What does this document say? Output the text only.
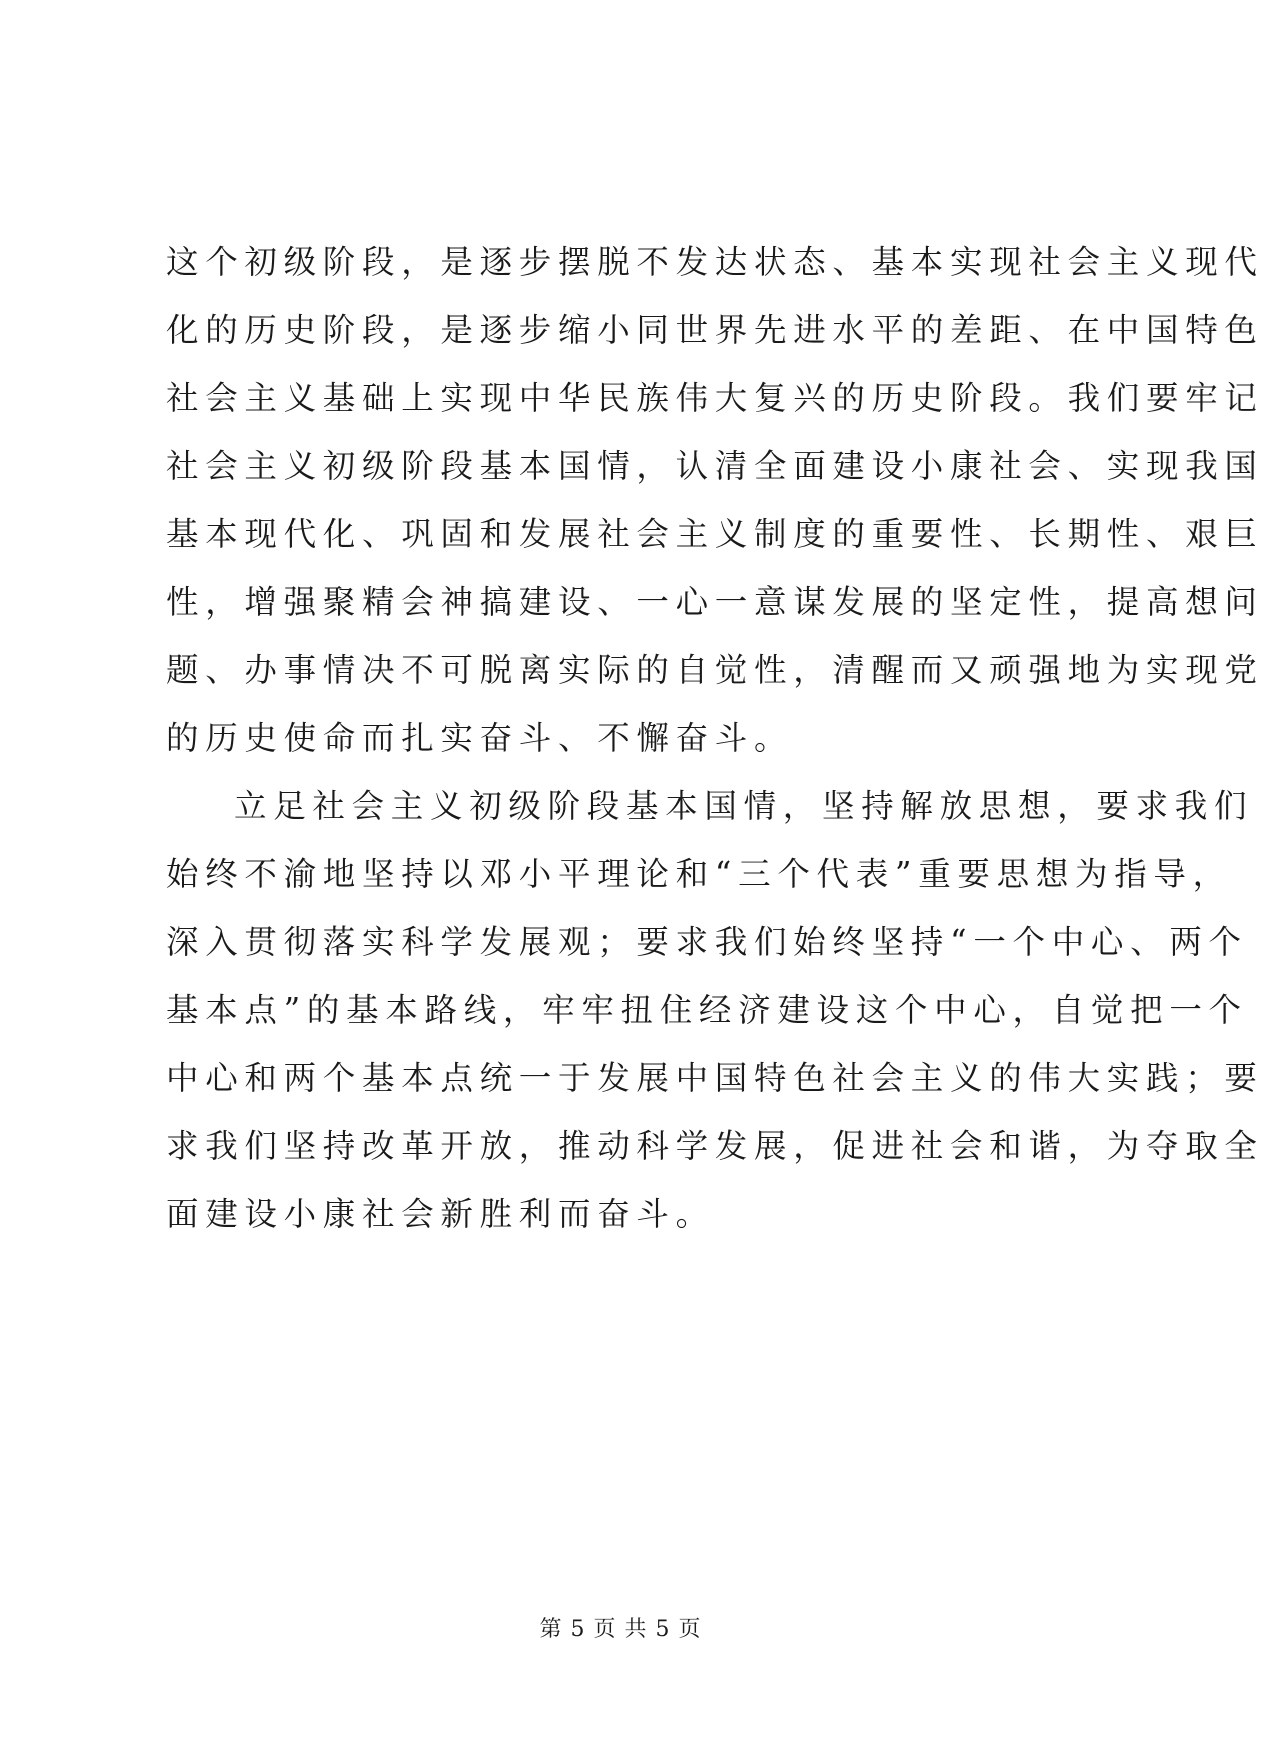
这个初级阶段，是逐步摆脱不发达状态、基本实现社会主义现代
化的历史阶段，是逐步缩小同世界先进水平的差距、在中国特色
社会主义基础上实现中华民族伟大复兴的历史阶段。我们要牢记
社会主义初级阶段基本国情，认清全面建设小康社会、实现我国
基本现代化、巩固和发展社会主义制度的重要性、长期性、艰巨
性，增强聚精会神搞建设、一心一意谋发展的坚定性，提高想问
题、办事情决不可脱离实际的自觉性，清醒而又顽强地为实现党
的历史使命而扎实奋斗、不懈奋斗。
立足社会主义初级阶段基本国情，坚持解放思想，要求我们
始终不渝地坚持以邓小平理论和“三个代表”重要思想为指导，
深入贯彻落实科学发展观；要求我们始终坚持“一个中心、两个
基本点”的基本路线，牢牢扭住经济建设这个中心，自觉把一个
中心和两个基本点统一于发展中国特色社会主义的伟大实践；要
求我们坚持改革开放，推动科学发展，促进社会和谐，为夺取全
面建设小康社会新胜利而奋斗。
第 5 页 共 5 页
